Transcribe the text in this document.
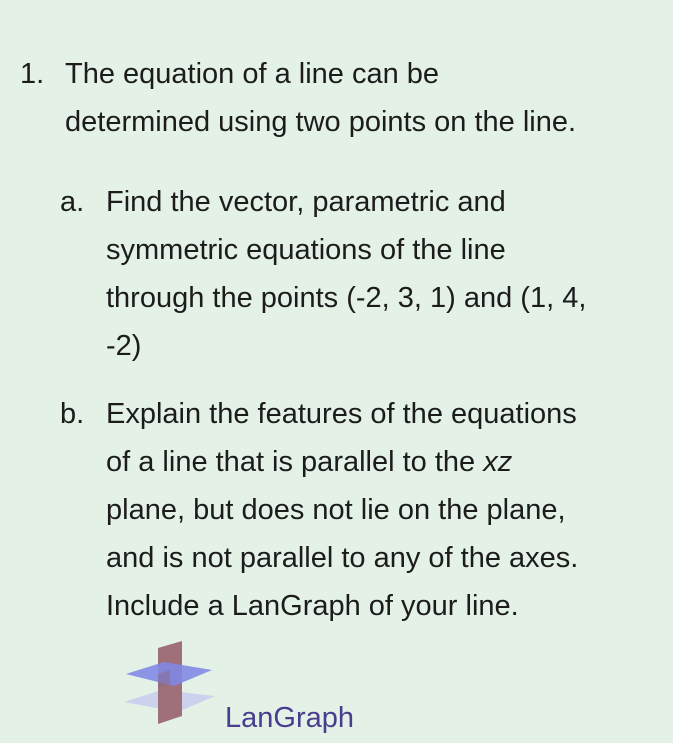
1. The equation of a line can be
determined using two points on the line.
a. Find the vector, parametric and
symmetric equations of the line
through the points (-2, 3, 1) and (1, 4,
-2)
b. Explain the features of the equations
of a line that is parallel to the xz
plane, but does not lie on the plane,
and is not parallel to any of the axes.
Include a LanGraph of your line.
LanGraph
